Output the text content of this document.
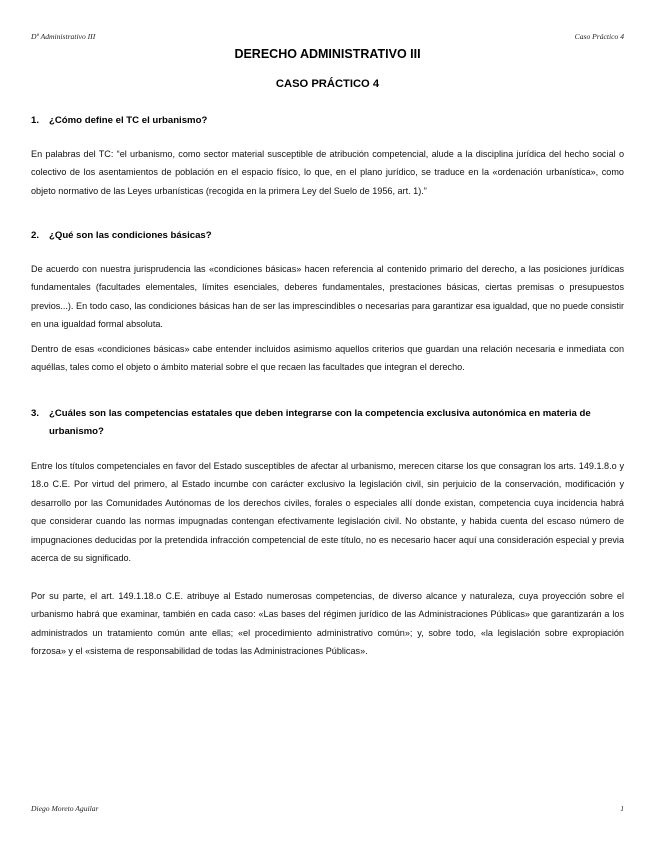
Dº Administrativo III	Caso Práctico 4
DERECHO ADMINISTRATIVO III
CASO PRÁCTICO 4
1. ¿Cómo define el TC el urbanismo?
En palabras del TC: “el urbanismo, como sector material susceptible de atribución competencial, alude a la disciplina jurídica del hecho social o colectivo de los asentamientos de población en el espacio físico, lo que, en el plano jurídico, se traduce en la «ordenación urbanística», como objeto normativo de las Leyes urbanísticas (recogida en la primera Ley del Suelo de 1956, art. 1).”
2. ¿Qué son las condiciones básicas?
De acuerdo con nuestra jurisprudencia las «condiciones básicas» hacen referencia al contenido primario del derecho, a las posiciones jurídicas fundamentales (facultades elementales, límites esenciales, deberes fundamentales, prestaciones básicas, ciertas premisas o presupuestos previos...). En todo caso, las condiciones básicas han de ser las imprescindibles o necesarias para garantizar esa igualdad, que no puede consistir en una igualdad formal absoluta.
Dentro de esas «condiciones básicas» cabe entender incluidos asimismo aquellos criterios que guardan una relación necesaria e inmediata con aquéllas, tales como el objeto o ámbito material sobre el que recaen las facultades que integran el derecho.
3. ¿Cuáles son las competencias estatales que deben integrarse con la competencia exclusiva autonómica en materia de urbanismo?
Entre los títulos competenciales en favor del Estado susceptibles de afectar al urbanismo, merecen citarse los que consagran los arts. 149.1.8.o y 18.o C.E. Por virtud del primero, al Estado incumbe con carácter exclusivo la legislación civil, sin perjuicio de la conservación, modificación y desarrollo por las Comunidades Autónomas de los derechos civiles, forales o especiales allí donde existan, competencia cuya incidencia habrá que considerar cuando las normas impugnadas contengan efectivamente legislación civil. No obstante, y habida cuenta del escaso número de impugnaciones deducidas por la pretendida infracción competencial de este título, no es necesario hacer aquí una consideración especial y previa acerca de su significado.
Por su parte, el art. 149.1.18.o C.E. atribuye al Estado numerosas competencias, de diverso alcance y naturaleza, cuya proyección sobre el urbanismo habrá que examinar, también en cada caso: «Las bases del régimen jurídico de las Administraciones Públicas» que garantizarán a los administrados un tratamiento común ante ellas; «el procedimiento administrativo común»; y, sobre todo, «la legislación sobre expropiación forzosa» y el «sistema de responsabilidad de todas las Administraciones Públicas».
Diego Moreto Aguilar	1
